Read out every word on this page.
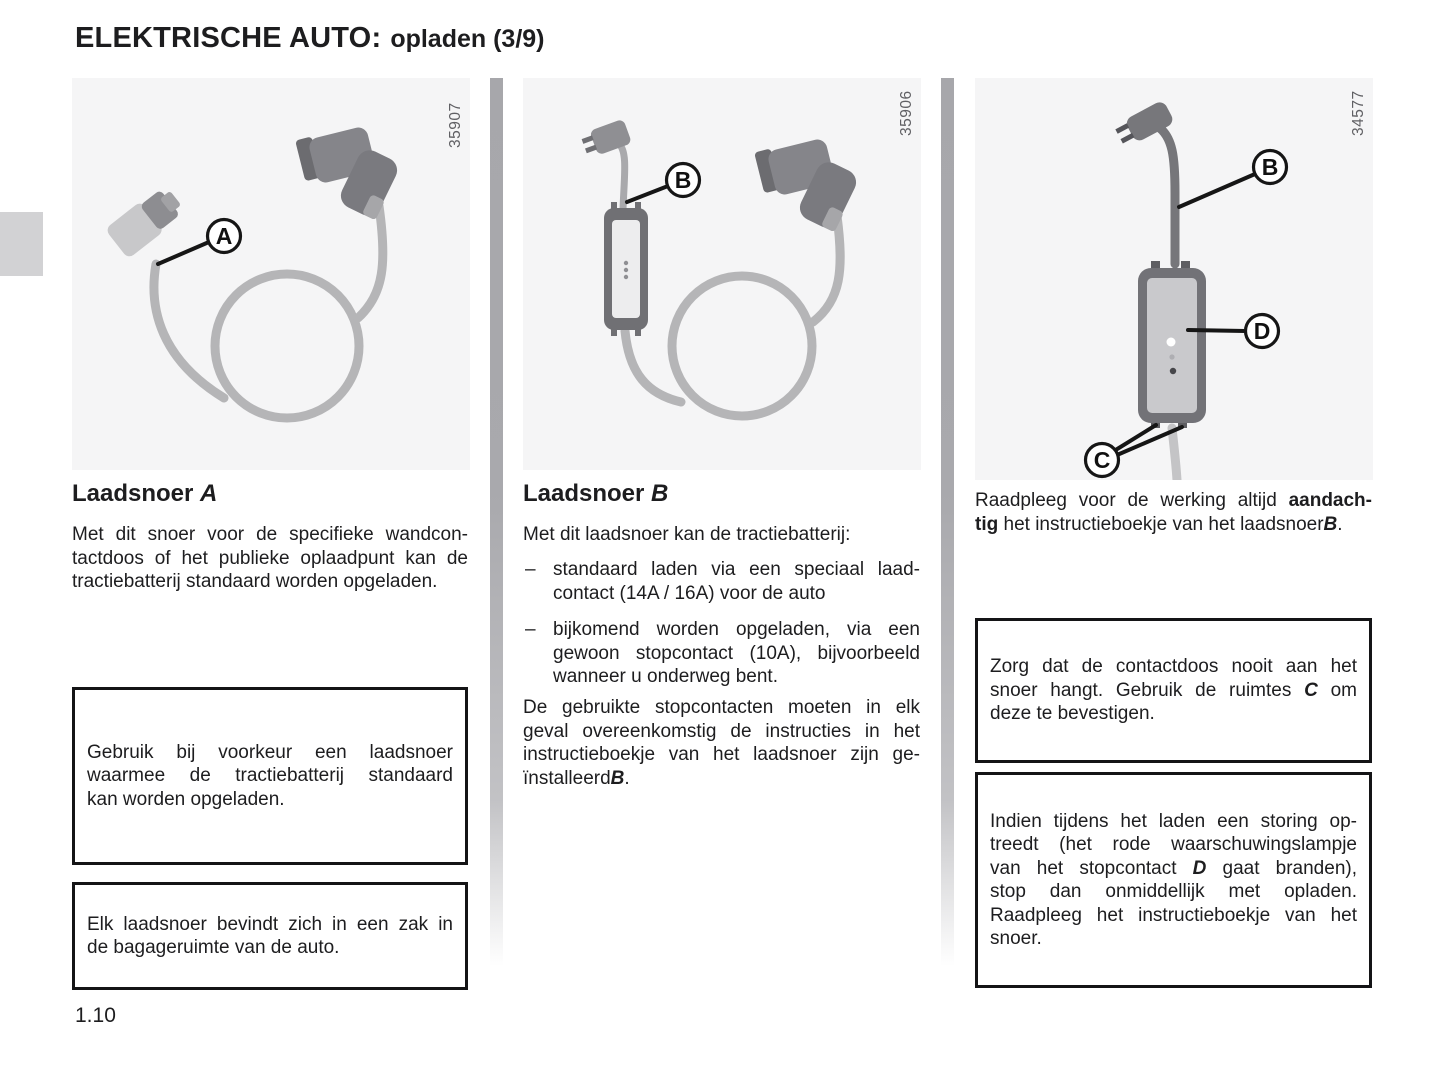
ELEKTRISCHE AUTO: opladen (3/9)
35907
A
35906
B
34577
B
D
C
Laadsnoer A
Met dit snoer voor de specifieke wandcon-
tactdoos of het publieke oplaadpunt kan de
tractiebatterij standaard worden opgeladen.
Gebruik bij voorkeur een laadsnoer
waarmee de tractiebatterij standaard
kan worden opgeladen.
Elk laadsnoer bevindt zich in een zak in
de bagageruimte van de auto.
Laadsnoer B
Met dit laadsnoer kan de tractiebatterij:
– standaard laden via een speciaal laad-
contact (14A / 16A) voor de auto
– bijkomend worden opgeladen, via een
gewoon stopcontact (10A), bijvoorbeeld
wanneer u onderweg bent.
De gebruikte stopcontacten moeten in elk
geval overeenkomstig de instructies in het
instructieboekje van het laadsnoer zijn ge-
ïnstalleerdB.
Raadpleeg voor de werking altijd aandach-
tig het instructieboekje van het laadsnoerB.
Zorg dat de contactdoos nooit aan het
snoer hangt. Gebruik de ruimtes C om
deze te bevestigen.
Indien tijdens het laden een storing op-
treedt (het rode waarschuwingslampje
van het stopcontact D gaat branden),
stop dan onmiddellijk met opladen.
Raadpleeg het instructieboekje van het
snoer.
1.10
